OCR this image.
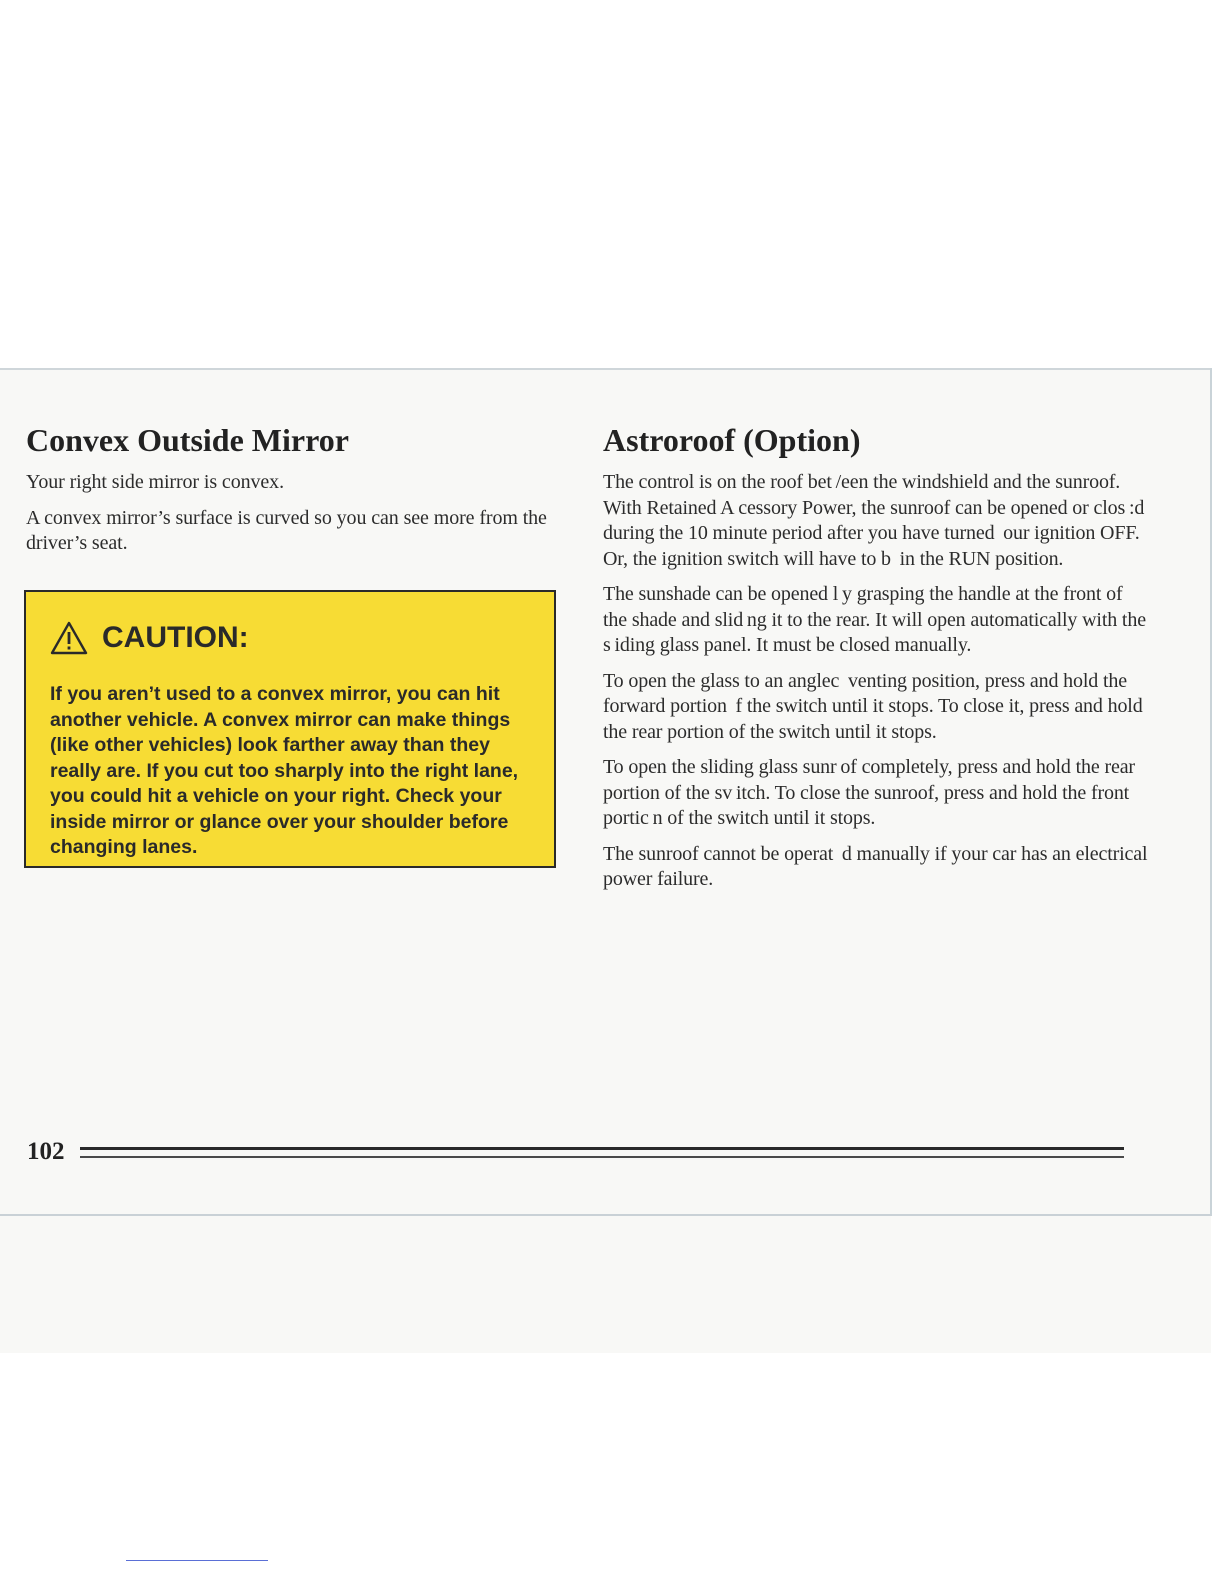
Convex Outside Mirror

Your right side mirror is convex.

A convex mirror’s surface is curved so you can see more from the driver’s seat.

CAUTION:

If you aren’t used to a convex mirror, you can hit another vehicle. A convex mirror can make things (like other vehicles) look farther away than they really are. If you cut too sharply into the right lane, you could hit a vehicle on your right. Check your inside mirror or glance over your shoulder before changing lanes.

Astroroof (Option)

The control is on the roof bet /een the windshield and the sunroof. With Retained A cessory Power, the sunroof can be opened or clos :d during the 10 minute period after you have turned  our ignition OFF. Or, the ignition switch will have to b  in the RUN position.

The sunshade can be opened l y grasping the handle at the front of the shade and slid ng it to the rear. It will open automatically with the s iding glass panel. It must be closed manually.

To open the glass to an anglec  venting position, press and hold the forward portion  f the switch until it stops. To close it, press and hold the rear portion of the switch until it stops.

To open the sliding glass sunr of completely, press and hold the rear portion of the sv itch. To close the sunroof, press and hold the front portic n of the switch until it stops.

The sunroof cannot be operat  d manually if your car has an electrical power failure.

102
